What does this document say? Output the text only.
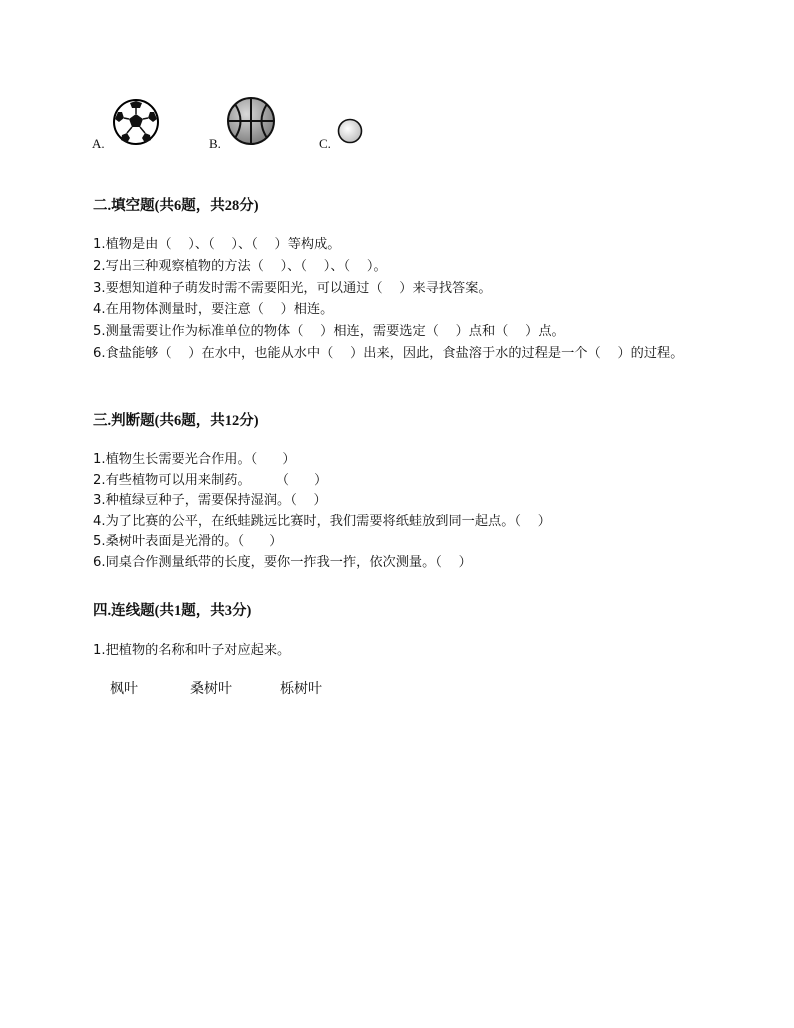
A.	B.	C.
二.填空题(共6题，共28分)
1.植物是由（    ）、（    ）、（    ）等构成。
2.写出三种观察植物的方法（    ）、（    ）、（    ）。
3.要想知道种子萌发时需不需要阳光，可以通过（    ）来寻找答案。
4.在用物体测量时，要注意（    ）相连。
5.测量需要让作为标准单位的物体（    ）相连，需要选定（    ）点和（    ）点。
6.食盐能够（    ）在水中，也能从水中（    ）出来，因此，食盐溶于水的过程是一个（    ）的过程。
三.判断题(共6题，共12分)
1.植物生长需要光合作用。（      ）
2.有些植物可以用来制药。      （      ）
3.种植绿豆种子，需要保持湿润。（    ）
4.为了比赛的公平，在纸蛙跳远比赛时，我们需要将纸蛙放到同一起点。（    ）
5.桑树叶表面是光滑的。（      ）
6.同桌合作测量纸带的长度，要你一拃我一拃，依次测量。（    ）
四.连线题(共1题，共3分)
1.把植物的名称和叶子对应起来。
枫叶	桑树叶	栎树叶
